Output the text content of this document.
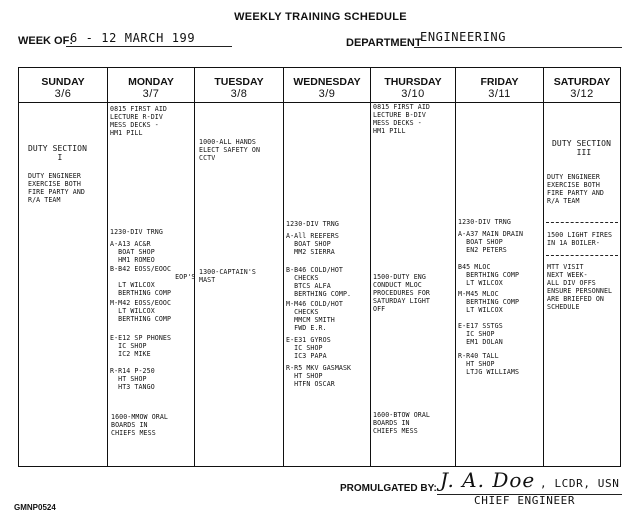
WEEKLY TRAINING SCHEDULE
WEEK OF:
6 - 12 MARCH 199	DEPARTMENT
ENGINEERING
SUNDAY
3/6
DUTY SECTION
I
DUTY ENGINEER
EXERCISE BOTH
FIRE PARTY AND
R/A TEAM
MONDAY
3/7
0815 FIRST AID
LECTURE R-DIV
MESS DECKS -
HM1 PILL
1230-DIV TRNG
A-A13 AC&R
BOAT SHOP
HM1 ROMEO
B-B42 EOSS/EOOC
EOP'S
LT WILCOX
BERTHING COMP
M-M42 EOSS/EOOC
LT WILCOX
BERTHING COMP
E-E12 SP PHONES
IC SHOP
IC2 MIKE
R-R14 P-250
HT SHOP
HT3 TANGO
1600-MMOW ORAL
BOARDS IN
CHIEFS MESS
TUESDAY
3/8
1000-ALL HANDS
ELECT SAFETY ON
CCTV
1300-CAPTAIN'S
MAST
WEDNESDAY
3/9
1230-DIV TRNG
A-All REEFERS
BOAT SHOP
MM2 SIERRA
B-B46 COLD/HOT
CHECKS
BTCS ALFA
BERTHING COMP.
M-M46 COLD/HOT
CHECKS
MMCM SMITH
FWD E.R.
E-E31 GYROS
IC SHOP
IC3 PAPA
R-R5 MKV GASMASK
HT SHOP
HTFN OSCAR
THURSDAY
3/10
0815 FIRST AID
LECTURE B-DIV
MESS DECKS -
HM1 PILL
1500-DUTY ENG
CONDUCT MLOC
PROCEDURES FOR
SATURDAY LIGHT
OFF
1600-BTOW ORAL
BOARDS IN
CHIEFS MESS
FRIDAY
3/11
1230-DIV TRNG
A-A37 MAIN DRAIN
BOAT SHOP
EN2 PETERS
B45 MLOC
BERTHING COMP
LT WILCOX
M-M45 MLOC
BERTHING COMP
LT WILCOX
E-E17 SSTGS
IC SHOP
EM1 DOLAN
R-R40 TALL
HT SHOP
LTJG WILLIAMS
SATURDAY
3/12
DUTY SECTION
III
DUTY ENGINEER
EXERCISE BOTH
FIRE PARTY AND
R/A TEAM
1500 LIGHT FIRES
IN 1A BOILER-
MTT VISIT
NEXT WEEK-
ALL DIV OFFS
ENSURE PERSONNEL
ARE BRIEFED ON
SCHEDULE
PROMULGATED BY: J. A. Doe , LCDR, USN
CHIEF ENGINEER
GMNP0524
